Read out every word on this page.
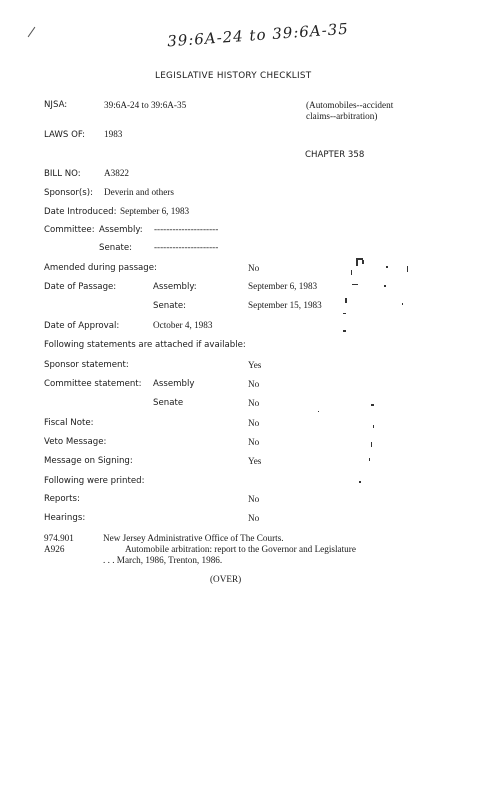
39:6A-24 to 39:6A-35
LEGISLATIVE HISTORY CHECKLIST
NJSA:	39:6A-24 to 39:6A-35	(Automobiles--accident
claims--arbitration)
LAWS OF: 1983
CHAPTER 358
BILL NO:	A3822
Sponsor(s): Deverin and others
Date Introduced: September 6, 1983
Committee: Assembly: ---------------------
Senate: ---------------------
Amended during passage:	No
Date of Passage:	Assembly:	September 6, 1983
Senate:	September 15, 1983
Date of Approval:	October 4, 1983
Following statements are attached if available:
Sponsor statement:	Yes
Committee statement: Assembly	No
Senate	No
Fiscal Note:	No
Veto Message:	No
Message on Signing:	Yes
Following were printed:
Reports:	No
Hearings:	No
974.901
A926
New Jersey Administrative Office of The Courts.
Automobile arbitration: report to the Governor and Legislature
. . . March, 1986, Trenton, 1986.
(OVER)
